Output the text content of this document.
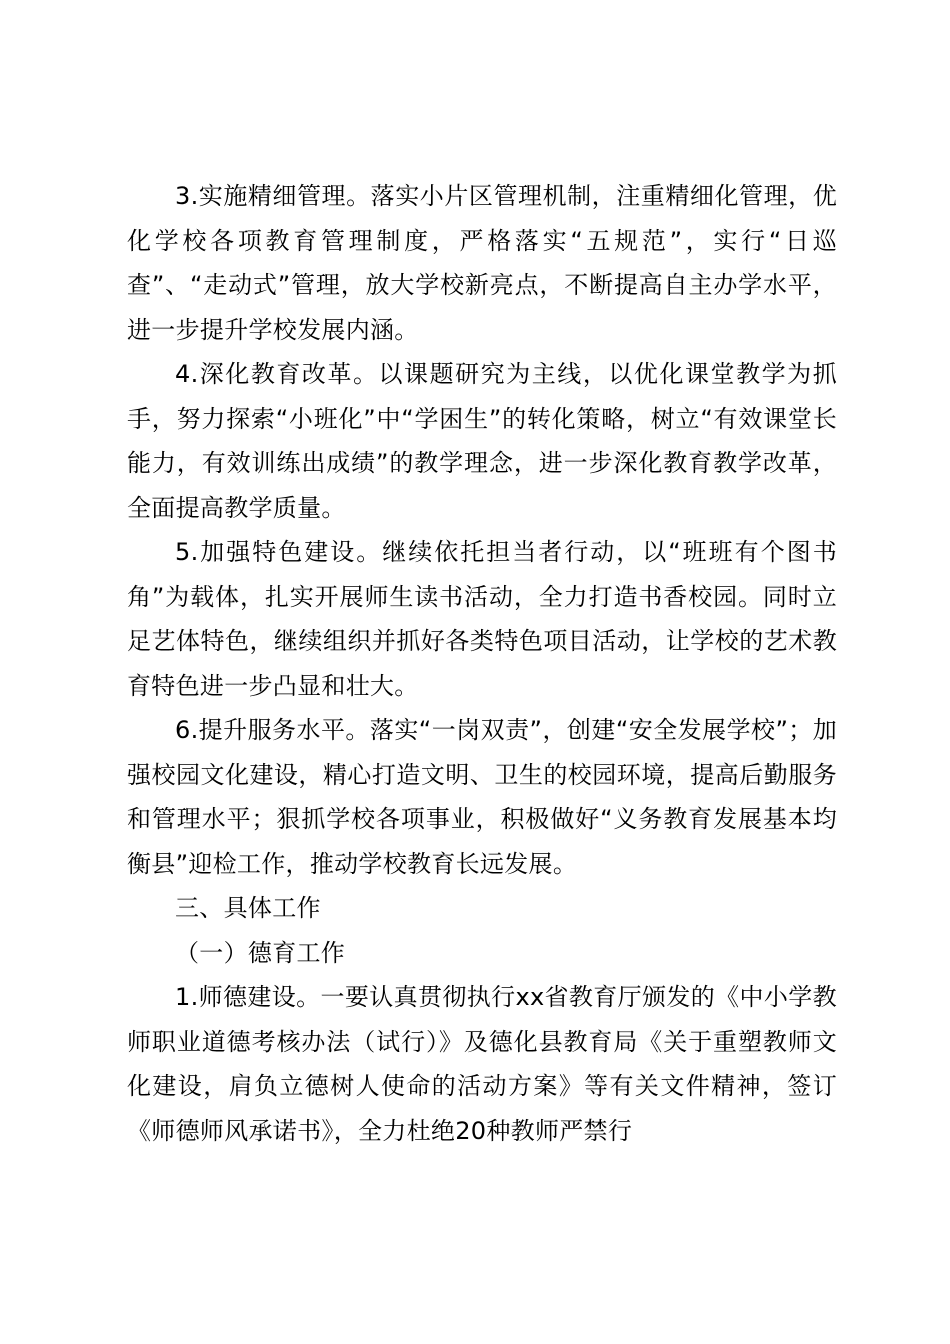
3.实施精细管理。落实小片区管理机制，注重精细化管理，优化学校各项教育管理制度，严格落实“五规范”，实行“日巡查”、“走动式”管理，放大学校新亮点，不断提高自主办学水平，进一步提升学校发展内涵。

4.深化教育改革。以课题研究为主线，以优化课堂教学为抓手，努力探索“小班化”中“学困生”的转化策略，树立“有效课堂长能力，有效训练出成绩”的教学理念，进一步深化教育教学改革，全面提高教学质量。

5.加强特色建设。继续依托担当者行动，以“班班有个图书角”为载体，扎实开展师生读书活动，全力打造书香校园。同时立足艺体特色，继续组织并抓好各类特色项目活动，让学校的艺术教育特色进一步凸显和壮大。

6.提升服务水平。落实“一岗双责”，创建“安全发展学校”；加强校园文化建设，精心打造文明、卫生的校园环境，提高后勤服务和管理水平；狠抓学校各项事业，积极做好“义务教育发展基本均衡县”迎检工作，推动学校教育长远发展。

三、具体工作

（一）德育工作

1.师德建设。一要认真贯彻执行xx省教育厅颁发的《中小学教师职业道德考核办法（试行）》及德化县教育局《关于重塑教师文化建设，肩负立德树人使命的活动方案》等有关文件精神，签订《师德师风承诺书》，全力杜绝20种教师严禁行
